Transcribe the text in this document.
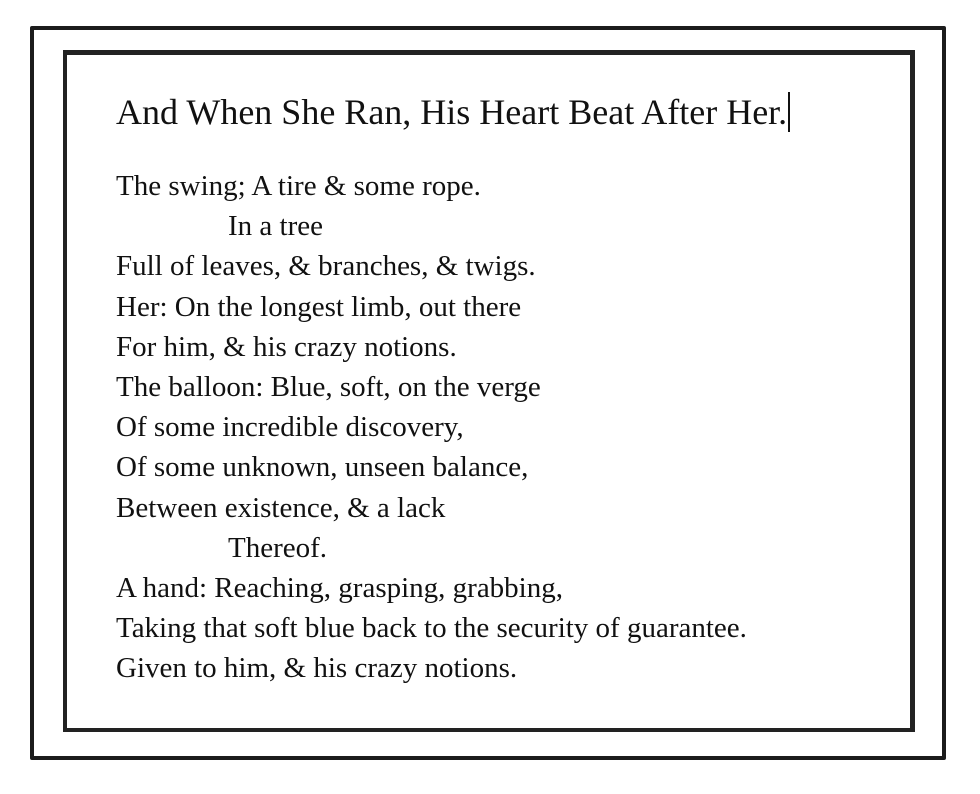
And When She Ran, His Heart Beat After Her.
The swing; A tire & some rope.
In a tree
Full of leaves, & branches, & twigs.
Her: On the longest limb, out there
For him, & his crazy notions.
The balloon: Blue, soft, on the verge
Of some incredible discovery,
Of some unknown, unseen balance,
Between existence, & a lack
Thereof.
A hand: Reaching, grasping, grabbing,
Taking that soft blue back to the security of guarantee.
Given to him, & his crazy notions.
